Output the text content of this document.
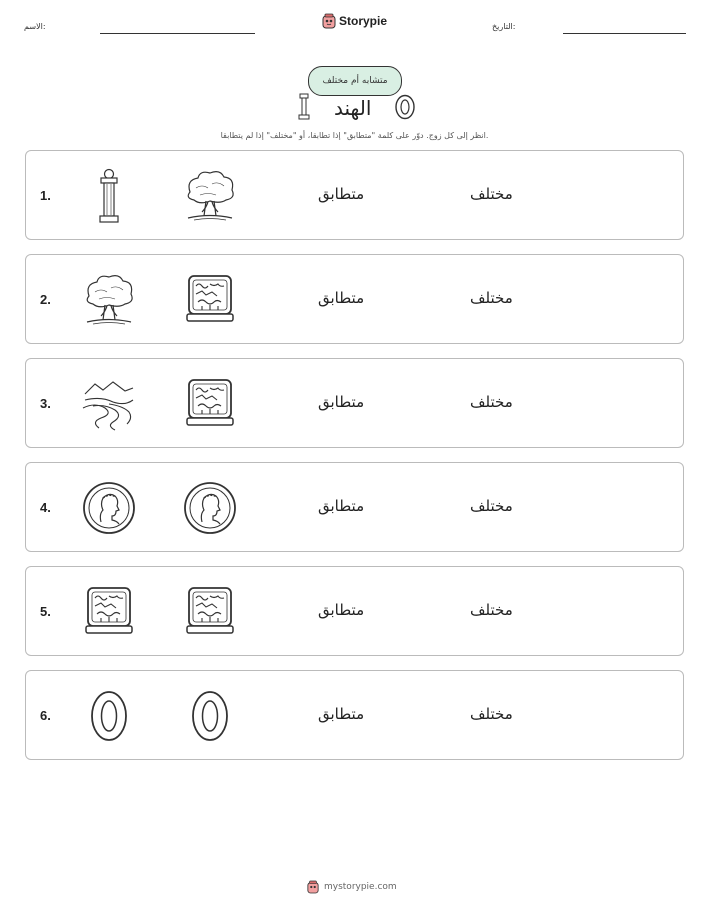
الاسم:	Storypie	التاريخ:
متشابه أم مختلف
الهند
انظر إلى كل زوج. دوّر على كلمة "متطابق" إذا تطابقا، أو "مختلف" إذا لم يتطابقا.
1.	متطابق	مختلف
2.	متطابق	مختلف
3.	متطابق	مختلف
4.	متطابق	مختلف
5.	متطابق	مختلف
6.	متطابق	مختلف
mystorypie.com
